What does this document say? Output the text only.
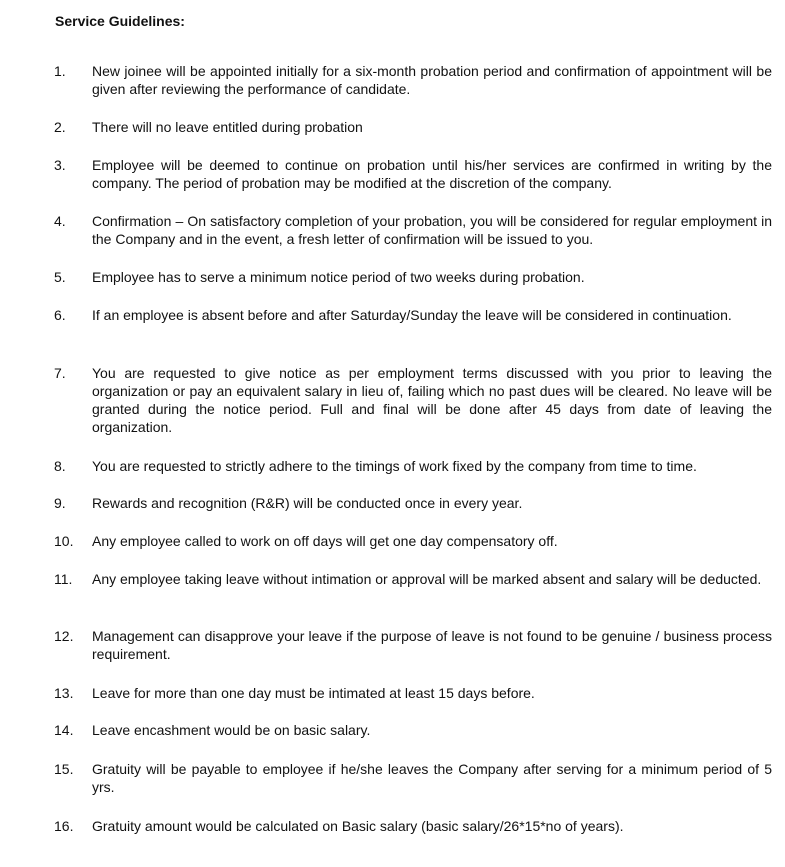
Service Guidelines:
1. New joinee will be appointed initially for a six-month probation period and confirmation of appointment will be given after reviewing the performance of candidate.
2. There will no leave entitled during probation
3. Employee will be deemed to continue on probation until his/her services are confirmed in writing by the company. The period of probation may be modified at the discretion of the company.
4. Confirmation – On satisfactory completion of your probation, you will be considered for regular employment in the Company and in the event, a fresh letter of confirmation will be issued to you.
5. Employee has to serve a minimum notice period of two weeks during probation.
6. If an employee is absent before and after Saturday/Sunday the leave will be considered in continuation.
7. You are requested to give notice as per employment terms discussed with you prior to leaving the organization or pay an equivalent salary in lieu of, failing which no past dues will be cleared. No leave will be granted during the notice period. Full and final will be done after 45 days from date of leaving the organization.
8. You are requested to strictly adhere to the timings of work fixed by the company from time to time.
9. Rewards and recognition (R&R) will be conducted once in every year.
10. Any employee called to work on off days will get one day compensatory off.
11. Any employee taking leave without intimation or approval will be marked absent and salary will be deducted.
12. Management can disapprove your leave if the purpose of leave is not found to be genuine / business process requirement.
13. Leave for more than one day must be intimated at least 15 days before.
14. Leave encashment would be on basic salary.
15. Gratuity will be payable to employee if he/she leaves the Company after serving for a minimum period of 5 yrs.
16. Gratuity amount would be calculated on Basic salary (basic salary/26*15*no of years).
